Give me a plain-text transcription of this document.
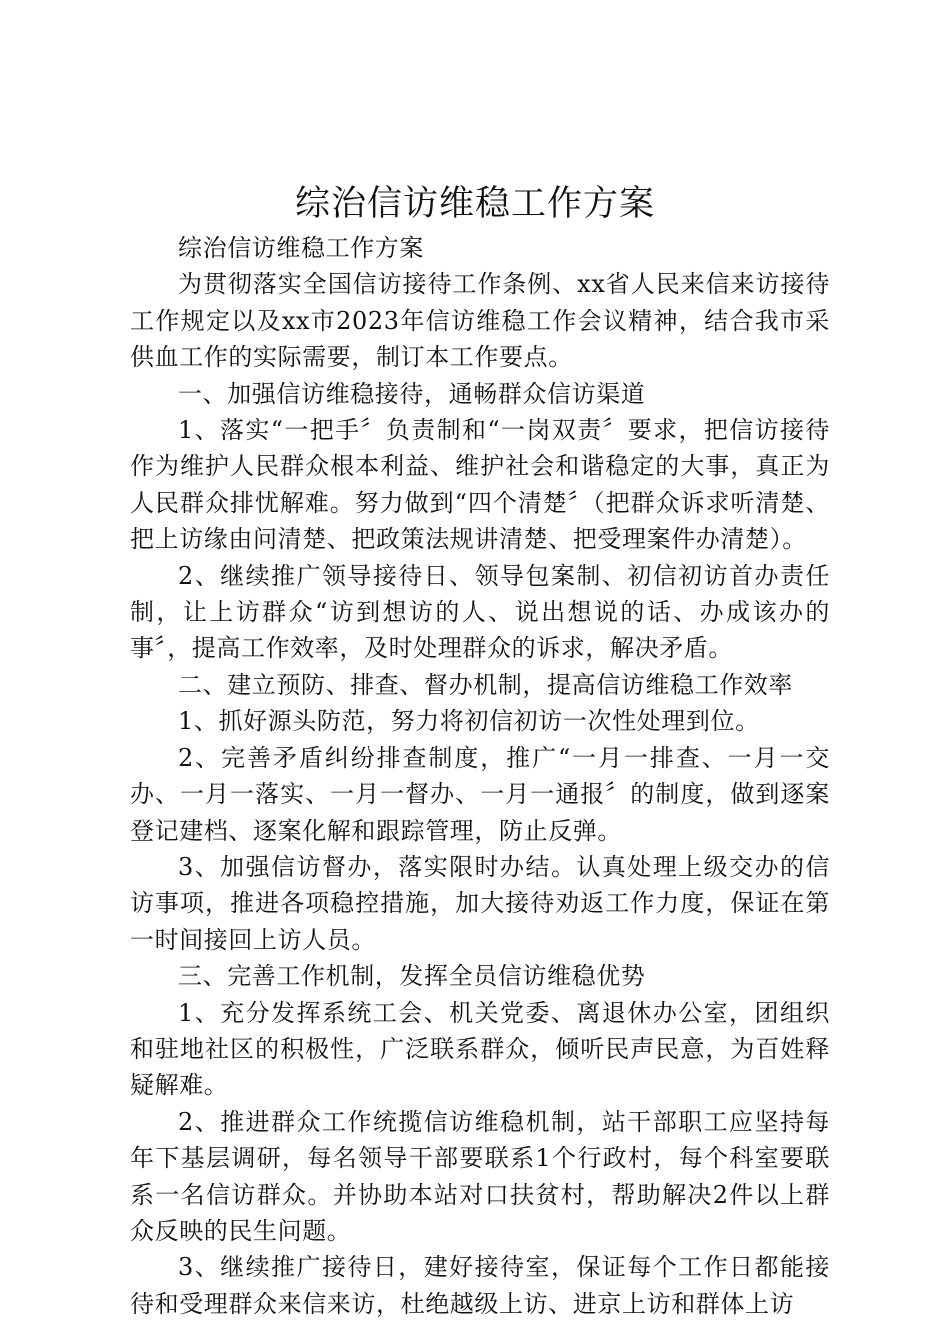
综治信访维稳工作方案

综治信访维稳工作方案

为贯彻落实全国信访接待工作条例、xx省人民来信来访接待工作规定以及xx市2023年信访维稳工作会议精神，结合我市采供血工作的实际需要，制订本工作要点。

一、加强信访维稳接待，通畅群众信访渠道

1、落实“一把手〞负责制和“一岗双责〞要求，把信访接待作为维护人民群众根本利益、维护社会和谐稳定的大事，真正为人民群众排忧解难。努力做到“四个清楚〞（把群众诉求听清楚、把上访缘由问清楚、把政策法规讲清楚、把受理案件办清楚）。

2、继续推广领导接待日、领导包案制、初信初访首办责任制，让上访群众“访到想访的人、说出想说的话、办成该办的事〞，提高工作效率，及时处理群众的诉求，解决矛盾。

二、建立预防、排查、督办机制，提高信访维稳工作效率

1、抓好源头防范，努力将初信初访一次性处理到位。

2、完善矛盾纠纷排查制度，推广“一月一排查、一月一交办、一月一落实、一月一督办、一月一通报〞的制度，做到逐案登记建档、逐案化解和跟踪管理，防止反弹。

3、加强信访督办，落实限时办结。认真处理上级交办的信访事项，推进各项稳控措施，加大接待劝返工作力度，保证在第一时间接回上访人员。

三、完善工作机制，发挥全员信访维稳优势

1、充分发挥系统工会、机关党委、离退休办公室，团组织和驻地社区的积极性，广泛联系群众，倾听民声民意，为百姓释疑解难。

2、推进群众工作统揽信访维稳机制，站干部职工应坚持每年下基层调研，每名领导干部要联系1个行政村，每个科室要联系一名信访群众。并协助本站对口扶贫村，帮助解决2件以上群众反映的民生问题。

3、继续推广接待日，建好接待室，保证每个工作日都能接待和受理群众来信来访，杜绝越级上访、进京上访和群体上访
